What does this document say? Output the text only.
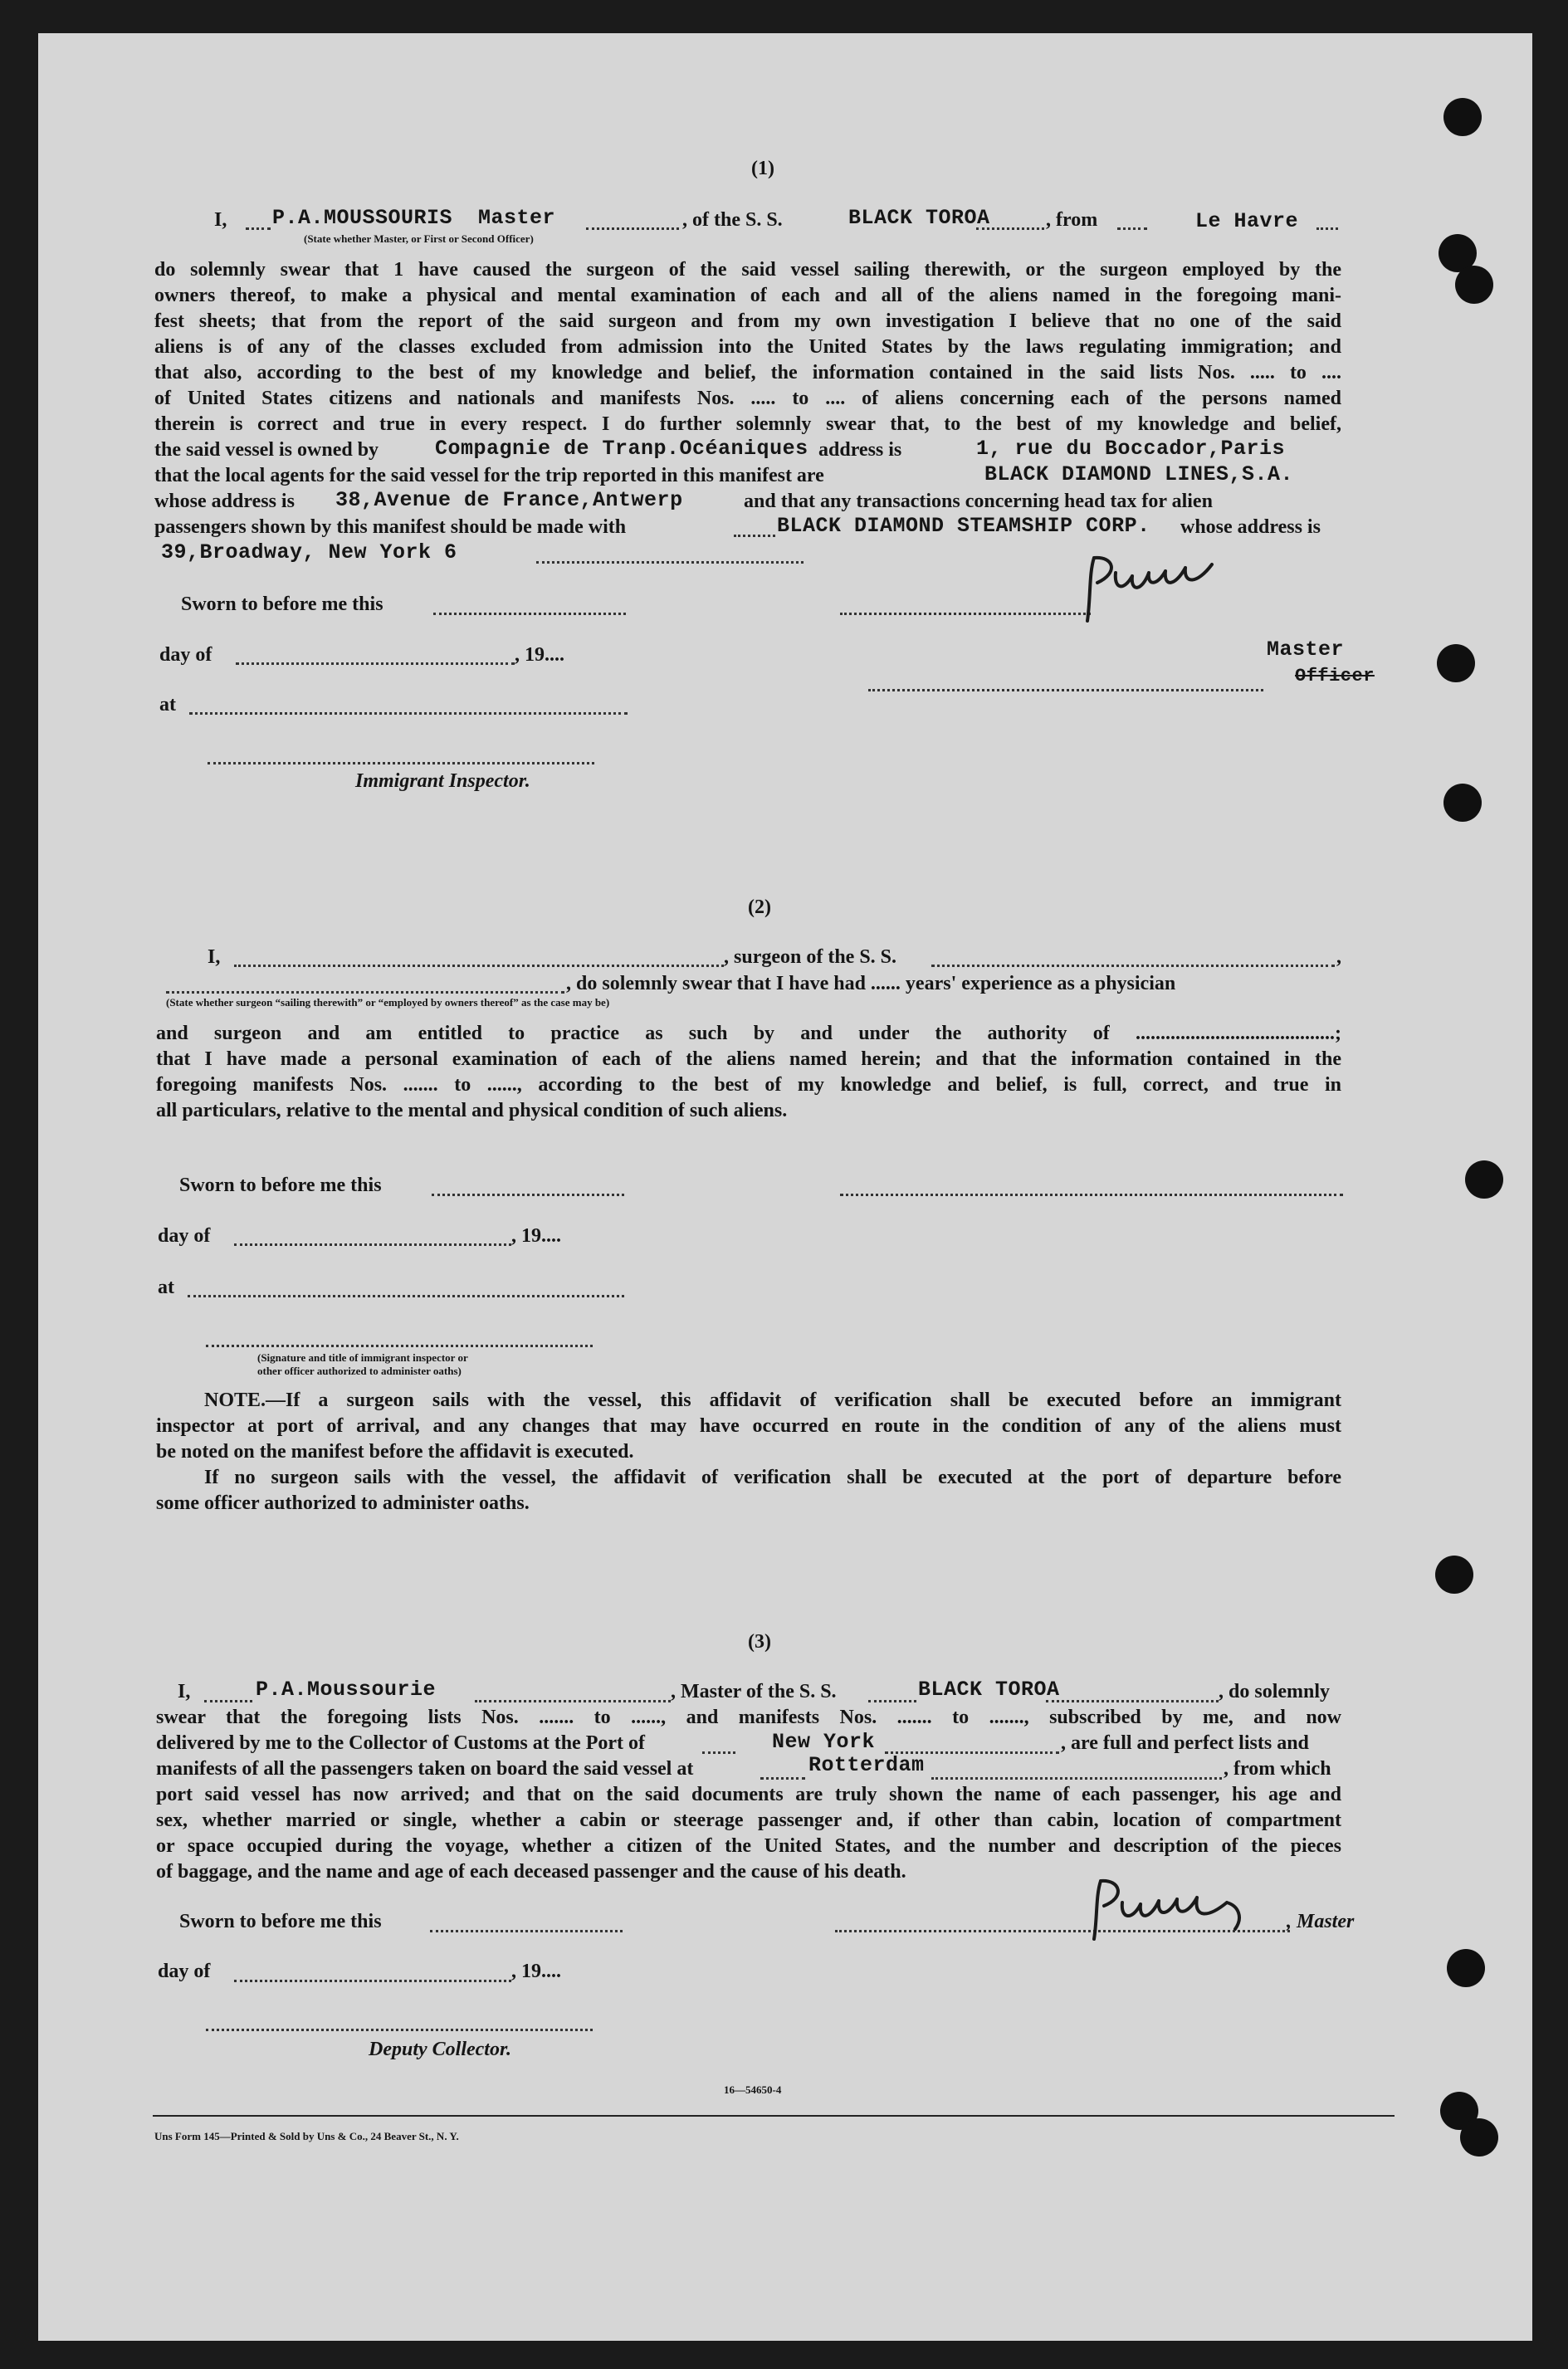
(1)
I, P.A.MOUSSOURIS Master	, of the S. S.	BLACK TOROA	, from	Le Havre
(State whether Master, or First or Second Officer)
do solemnly swear that 1 have caused the surgeon of the said vessel sailing therewith, or the surgeon employed by the
owners thereof, to make a physical and mental examination of each and all of the aliens named in the foregoing mani-
fest sheets; that from the report of the said surgeon and from my own investigation I believe that no one of the said
aliens is of any of the classes excluded from admission into the United States by the laws regulating immigration; and
that also, according to the best of my knowledge and belief, the information contained in the said lists Nos. ..... to ....
of United States citizens and nationals and manifests Nos. ..... to .... of aliens concerning each of the persons named
therein is correct and true in every respect. I do further solemnly swear that, to the best of my knowledge and belief,
the said vessel is owned by	Compagnie de Tranp.Océaniques address is	1, rue du Boccador,Paris
that the local agents for the said vessel for the trip reported in this manifest are	BLACK DIAMOND LINES,S.A.
whose address is 38,Avenue de France,Antwerp	and that any transactions concerning head tax for alien
passengers shown by this manifest should be made with	BLACK DIAMOND STEAMSHIP CORP. whose address is
39,Broadway, New York 6
Sworn to before me this
day of	, 19....	Master
Officer
at
Immigrant Inspector.
(2)
I,	, surgeon of the S. S.	,
, do solemnly swear that I have had ...... years' experience as a physician
(State whether surgeon “sailing therewith” or “employed by owners thereof” as the case may be)
and surgeon and am entitled to practice as such by and under the authority of ........................................;
that I have made a personal examination of each of the aliens named herein; and that the information contained in the
foregoing manifests Nos. ....... to ......, according to the best of my knowledge and belief, is full, correct, and true in
all particulars, relative to the mental and physical condition of such aliens.
Sworn to before me this
day of	, 19....
at
(Signature and title of immigrant inspector or
other officer authorized to administer oaths)
NOTE.—If a surgeon sails with the vessel, this affidavit of verification shall be executed before an immigrant
inspector at port of arrival, and any changes that may have occurred en route in the condition of any of the aliens must
be noted on the manifest before the affidavit is executed.
If no surgeon sails with the vessel, the affidavit of verification shall be executed at the port of departure before
some officer authorized to administer oaths.
(3)
I,	P.A.Moussourie	, Master of the S. S.	BLACK TOROA	, do solemnly
swear that the foregoing lists Nos. ....... to ......, and manifests Nos. ....... to ......., subscribed by me, and now
delivered by me to the Collector of Customs at the Port of	New York	, are full and perfect lists and
manifests of all the passengers taken on board the said vessel at	Rotterdam	, from which
port said vessel has now arrived; and that on the said documents are truly shown the name of each passenger, his age and
sex, whether married or single, whether a cabin or steerage passenger and, if other than cabin, location of compartment
or space occupied during the voyage, whether a citizen of the United States, and the number and description of the pieces
of baggage, and the name and age of each deceased passenger and the cause of his death.
Sworn to before me this	, Master
day of	, 19....
Deputy Collector.
16—54650-4
Uns Form 145—Printed & Sold by Uns & Co., 24 Beaver St., N. Y.
